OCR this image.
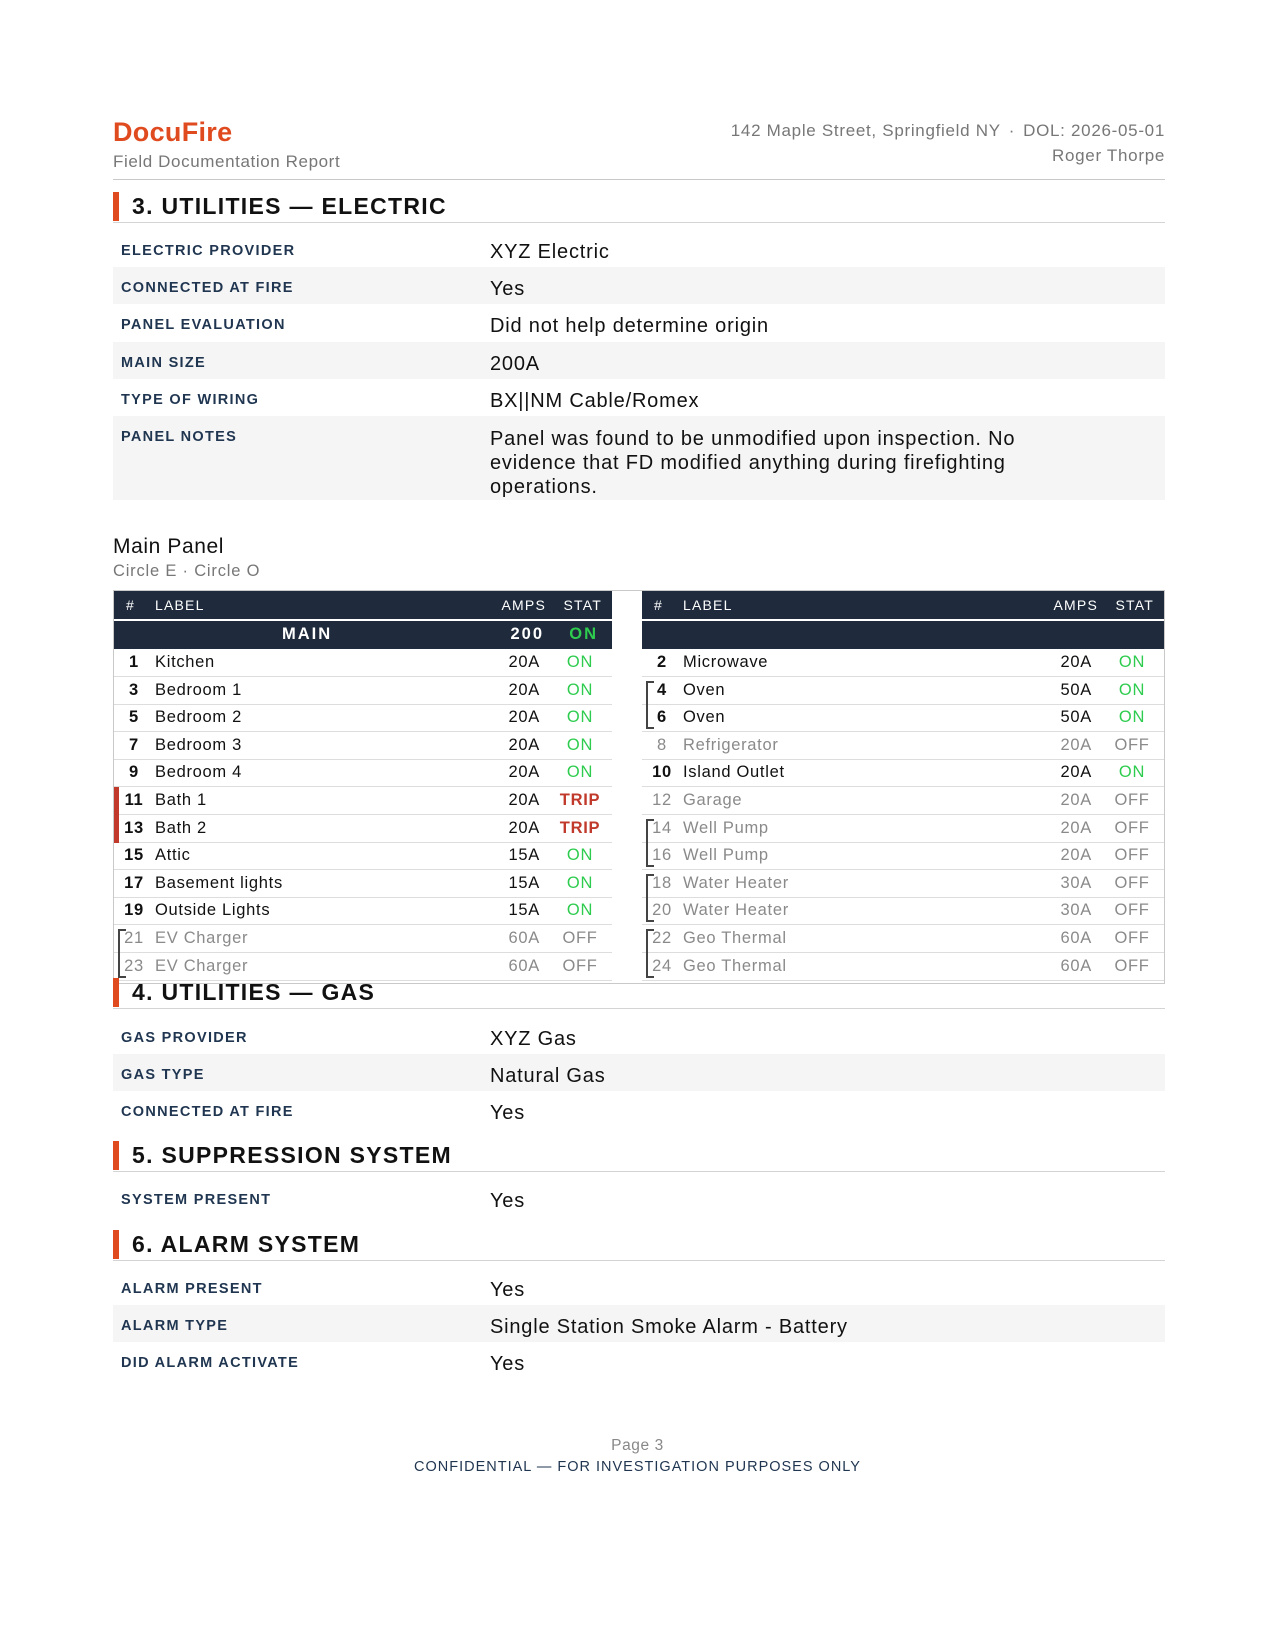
DocuFire
Field Documentation Report
142 Maple Street, Springfield NY · DOL: 2026-05-01
Roger Thorpe
3. UTILITIES — ELECTRIC
ELECTRIC PROVIDER	XYZ Electric
CONNECTED AT FIRE	Yes
PANEL EVALUATION	Did not help determine origin
MAIN SIZE	200A
TYPE OF WIRING	BX||NM Cable/Romex
PANEL NOTES	Panel was found to be unmodified upon inspection. No evidence that FD modified anything during firefighting operations.
Main Panel
Circle E · Circle O
# LABEL	AMPS STAT
MAIN	200 ON
1 Kitchen	20A	ON
3 Bedroom 1	20A	ON
5 Bedroom 2	20A	ON
7 Bedroom 3	20A	ON
9 Bedroom 4	20A	ON
11 Bath 1	20A TRIP
13 Bath 2	20A TRIP
15 Attic	15A	ON
17 Basement lights	15A	ON
19 Outside Lights	15A	ON
21 EV Charger	60A OFF
23 EV Charger	60A OFF
# LABEL	AMPS STAT
2 Microwave	20A	ON
4 Oven	50A	ON
6 Oven	50A	ON
8 Refrigerator	20A OFF
10 Island Outlet	20A	ON
12 Garage	20A OFF
14 Well Pump	20A OFF
16 Well Pump	20A OFF
18 Water Heater	30A OFF
20 Water Heater	30A OFF
22 Geo Thermal	60A OFF
24 Geo Thermal	60A OFF
4. UTILITIES — GAS
GAS PROVIDER	XYZ Gas
GAS TYPE	Natural Gas
CONNECTED AT FIRE	Yes
5. SUPPRESSION SYSTEM
SYSTEM PRESENT	Yes
6. ALARM SYSTEM
ALARM PRESENT	Yes
ALARM TYPE	Single Station Smoke Alarm - Battery
DID ALARM ACTIVATE	Yes
Page 3
CONFIDENTIAL — FOR INVESTIGATION PURPOSES ONLY
